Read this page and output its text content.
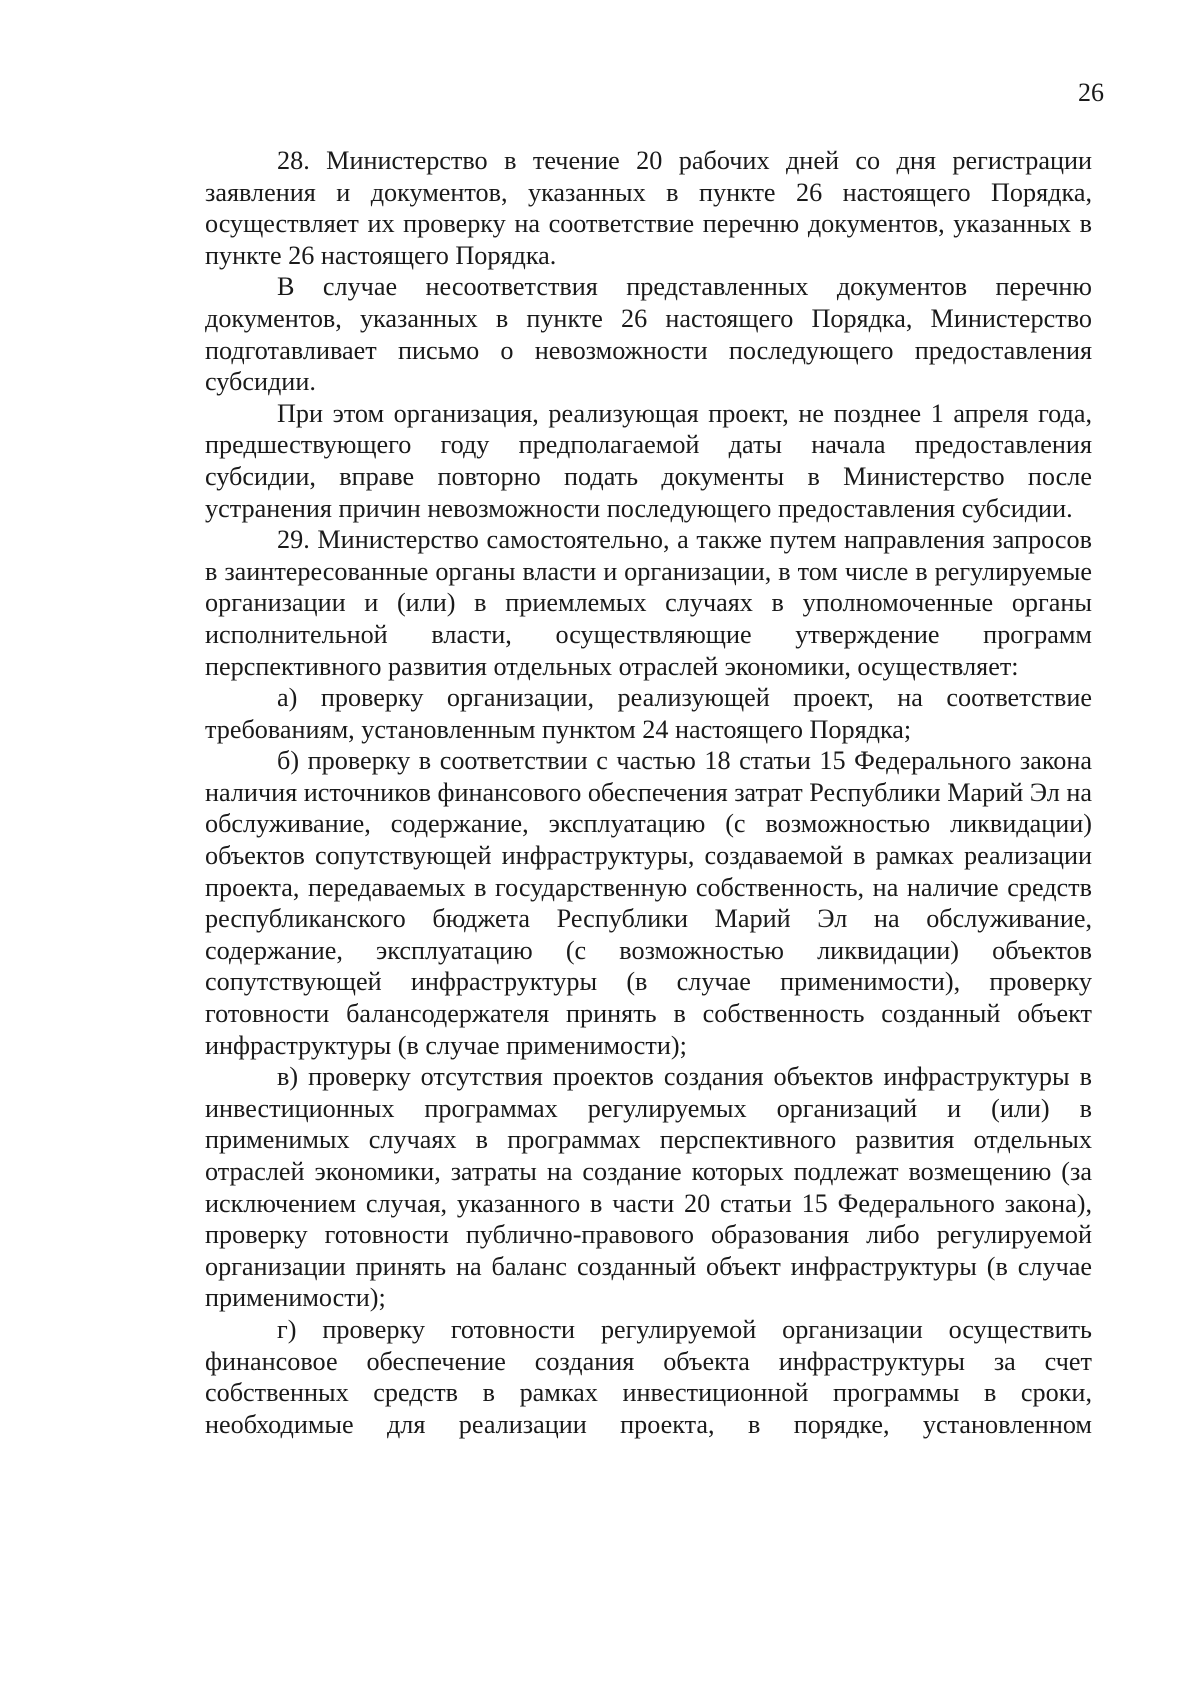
26

28. Министерство в течение 20 рабочих дней со дня регистрации заявления и документов, указанных в пункте 26 настоящего Порядка, осуществляет их проверку на соответствие перечню документов, указанных в пункте 26 настоящего Порядка.

В случае несоответствия представленных документов перечню документов, указанных в пункте 26 настоящего Порядка, Министерство подготавливает письмо о невозможности последующего предоставления субсидии.

При этом организация, реализующая проект, не позднее 1 апреля года, предшествующего году предполагаемой даты начала предоставления субсидии, вправе повторно подать документы в Министерство после устранения причин невозможности последующего предоставления субсидии.

29. Министерство самостоятельно, а также путем направления запросов в заинтересованные органы власти и организации, в том числе в регулируемые организации и (или) в приемлемых случаях в уполномоченные органы исполнительной власти, осуществляющие утверждение программ перспективного развития отдельных отраслей экономики, осуществляет:

а) проверку организации, реализующей проект, на соответствие требованиям, установленным пунктом 24 настоящего Порядка;

б) проверку в соответствии с частью 18 статьи 15 Федерального закона наличия источников финансового обеспечения затрат Республики Марий Эл на обслуживание, содержание, эксплуатацию (с возможностью ликвидации) объектов сопутствующей инфраструктуры, создаваемой в рамках реализации проекта, передаваемых в государственную собственность, на наличие средств республиканского бюджета Республики Марий Эл на обслуживание, содержание, эксплуатацию (с возможностью ликвидации) объектов сопутствующей инфраструктуры (в случае применимости), проверку готовности балансодержателя принять в собственность созданный объект инфраструктуры (в случае применимости);

в) проверку отсутствия проектов создания объектов инфраструктуры в инвестиционных программах регулируемых организаций и (или) в применимых случаях в программах перспективного развития отдельных отраслей экономики, затраты на создание которых подлежат возмещению (за исключением случая, указанного в части 20 статьи 15 Федерального закона), проверку готовности публично-правового образования либо регулируемой организации принять на баланс созданный объект инфраструктуры (в случае применимости);

г) проверку готовности регулируемой организации осуществить финансовое обеспечение создания объекта инфраструктуры за счет собственных средств в рамках инвестиционной программы в сроки, необходимые для реализации проекта, в порядке, установленном
